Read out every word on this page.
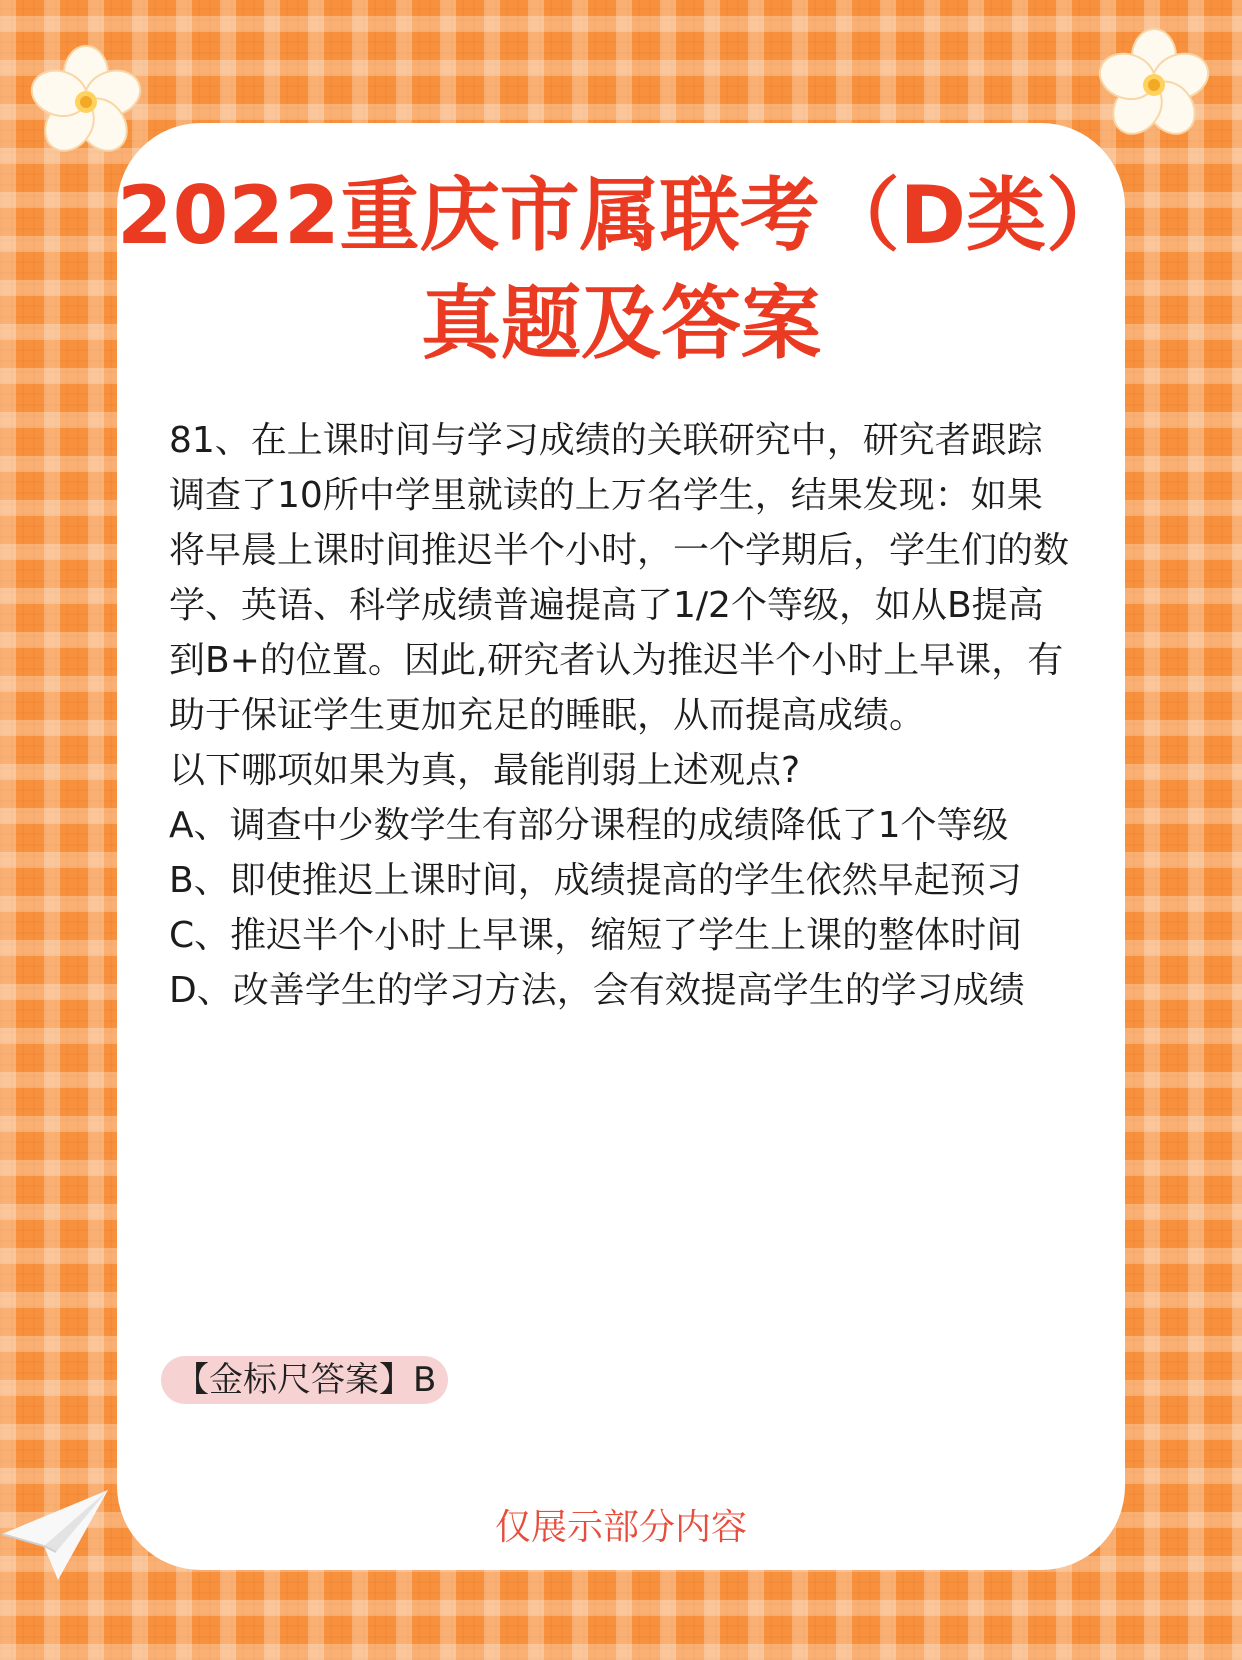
2022重庆市属联考（D类）
真题及答案

81、在上课时间与学习成绩的关联研究中，研究者跟踪调查了10所中学里就读的上万名学生，结果发现：如果将早晨上课时间推迟半个小时，一个学期后，学生们的数学、英语、科学成绩普遍提高了1/2个等级，如从B提高到B+的位置。因此,研究者认为推迟半个小时上早课，有助于保证学生更加充足的睡眠，从而提高成绩。

以下哪项如果为真，最能削弱上述观点?

A、调查中少数学生有部分课程的成绩降低了1个等级

B、即使推迟上课时间，成绩提高的学生依然早起预习

C、推迟半个小时上早课，缩短了学生上课的整体时间

D、改善学生的学习方法，会有效提高学生的学习成绩

【金标尺答案】B
仅展示部分内容
